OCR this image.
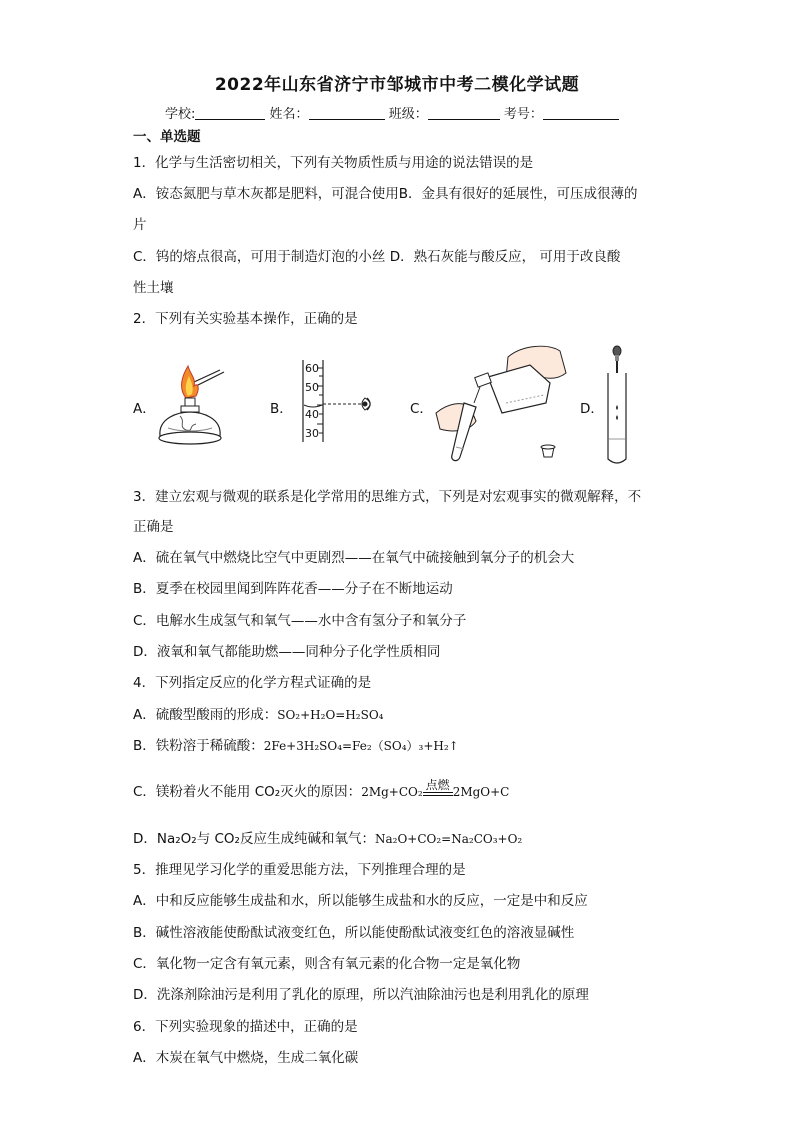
2022年山东省济宁市邹城市中考二模化学试题
学校:	姓名：	班级：	考号：
一、单选题
1．化学与生活密切相关，下列有关物质性质与用途的说法错误的是
A．铵态氮肥与草木灰都是肥料，可混合使用B．金具有很好的延展性，可压成很薄的
片
C．钨的熔点很高，可用于制造灯泡的小丝 D．熟石灰能与酸反应， 可用于改良酸
性土壤
2．下列有关实验基本操作，正确的是
A．	B．
60
50
40
30
C．	D．
3．建立宏观与微观的联系是化学常用的思维方式，下列是对宏观事实的微观解释，不
正确是
A．硫在氧气中燃烧比空气中更剧烈——在氧气中硫接触到氧分子的机会大
B．夏季在校园里闻到阵阵花香——分子在不断地运动
C．电解水生成氢气和氧气——水中含有氢分子和氧分子
D．液氧和氧气都能助燃——同种分子化学性质相同
4．下列指定反应的化学方程式证确的是
A．硫酸型酸雨的形成：SO₂+H₂O=H₂SO₄
B．铁粉溶于稀硫酸：2Fe+3H₂SO₄=Fe₂（SO₄）₃+H₂↑
C．镁粉着火不能用 CO₂灭火的原因：2Mg+CO₂ 点燃 2MgO+C
D．Na₂O₂与 CO₂反应生成纯碱和氧气：Na₂O+CO₂=Na₂CO₃+O₂
5．推理见学习化学的重爱思能方法，下列推理合理的是
A．中和反应能够生成盐和水，所以能够生成盐和水的反应，一定是中和反应
B．碱性溶液能使酚酞试液变红色，所以能使酚酞试液变红色的溶液显碱性
C．氧化物一定含有氧元素，则含有氧元素的化合物一定是氧化物
D．洗涤剂除油污是利用了乳化的原理，所以汽油除油污也是利用乳化的原理
6．下列实验现象的描述中，正确的是
A．木炭在氧气中燃烧，生成二氧化碳
